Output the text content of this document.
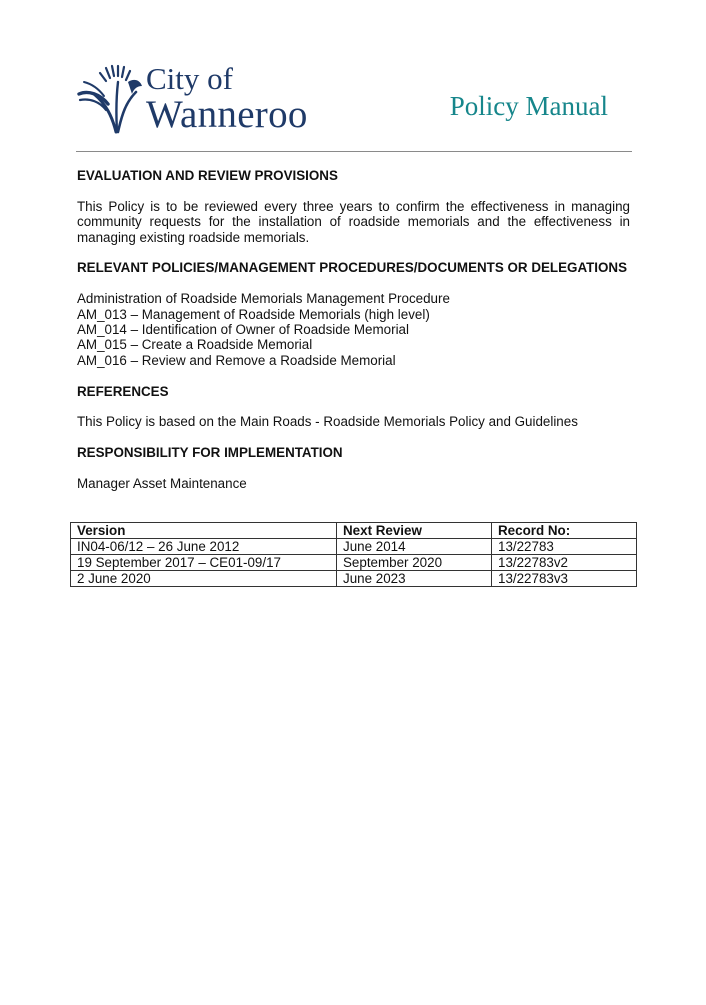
City of
Wanneroo	Policy Manual

EVALUATION AND REVIEW PROVISIONS

This Policy is to be reviewed every three years to confirm the effectiveness in managing community requests for the installation of roadside memorials and the effectiveness in managing existing roadside memorials.

RELEVANT POLICIES/MANAGEMENT PROCEDURES/DOCUMENTS OR DELEGATIONS

Administration of Roadside Memorials Management Procedure
AM_013 – Management of Roadside Memorials (high level)
AM_014 – Identification of Owner of Roadside Memorial
AM_015 – Create a Roadside Memorial
AM_016 – Review and Remove a Roadside Memorial

REFERENCES

This Policy is based on the Main Roads - Roadside Memorials Policy and Guidelines

RESPONSIBILITY FOR IMPLEMENTATION

Manager Asset Maintenance

Version	Next Review	Record No:
IN04-06/12 – 26 June 2012	June 2014	13/22783
19 September 2017 – CE01-09/17	September 2020	13/22783v2
2 June 2020	June 2023	13/22783v3
